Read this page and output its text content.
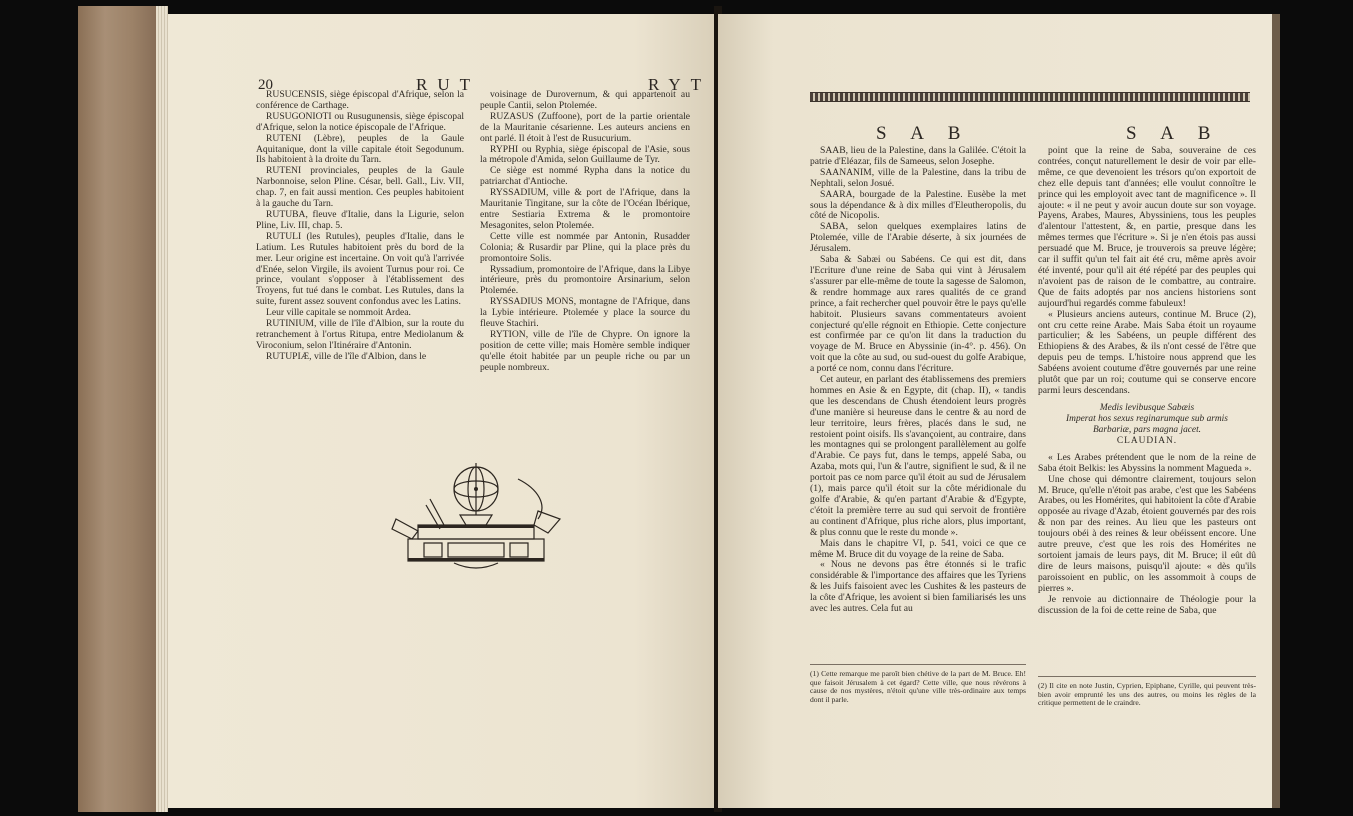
20	RUT	RYT

RUSUCENSIS, siège épiscopal d'Afrique, selon la conférence de Carthage.

RUSUGONIOTI ou Rusugunensis, siège épiscopal d'Afrique, selon la notice épiscopale de l'Afrique.

RUTENI (Lèbre), peuples de la Gaule Aquitanique, dont la ville capitale étoit Segodunum. Ils habitoient à la droite du Tarn.

RUTENI provinciales, peuples de la Gaule Narbonnoise, selon Pline. César, bell. Gall., Liv. VII, chap. 7, en fait aussi mention. Ces peuples habitoient à la gauche du Tarn.

RUTUBA, fleuve d'Italie, dans la Ligurie, selon Pline, Liv. III, chap. 5.

RUTULI (les Rutules), peuples d'Italie, dans le Latium. Les Rutules habitoient près du bord de la mer. Leur origine est incertaine. On voit qu'à l'arrivée d'Enée, selon Virgile, ils avoient Turnus pour roi. Ce prince, voulant s'opposer à l'établissement des Troyens, fut tué dans le combat. Les Rutules, dans la suite, furent assez souvent confondus avec les Latins.

Leur ville capitale se nommoit Ardea.

RUTINIUM, ville de l'île d'Albion, sur la route du retranchement à l'ortus Ritupa, entre Mediolanum & Viroconium, selon l'Itinéraire d'Antonin.

RUTUPIÆ, ville de l'île d'Albion, dans le

voisinage de Durovernum, & qui appartenoit au peuple Cantii, selon Ptolemée.

RUZASUS (Zuffoone), port de la partie orientale de la Mauritanie césarienne. Les auteurs anciens en ont parlé. Il étoit à l'est de Rusucurium.

RYPHI ou Ryphia, siège épiscopal de l'Asie, sous la métropole d'Amida, selon Guillaume de Tyr.

Ce siège est nommé Rypha dans la notice du patriarchat d'Antioche.

RYSSADIUM, ville & port de l'Afrique, dans la Mauritanie Tingitane, sur la côte de l'Océan Ibérique, entre Sestiaria Extrema & le promontoire Mesagonites, selon Ptolemée.

Cette ville est nommée par Antonin, Rusadder Colonia; & Rusardir par Pline, qui la place près du promontoire Solis.

Ryssadium, promontoire de l'Afrique, dans la Libye intérieure, près du promontoire Arsinarium, selon Ptolemée.

RYSSADIUS MONS, montagne de l'Afrique, dans la Lybie intérieure. Ptolemée y place la source du fleuve Stachiri.

RYTION, ville de l'île de Chypre. On ignore la position de cette ville; mais Homère semble indiquer qu'elle étoit habitée par un peuple riche ou par un peuple nombreux.

S A B	S A B

SAAB, lieu de la Palestine, dans la Galilée. C'étoit la patrie d'Eléazar, fils de Sameeus, selon Josephe.

SAANANIM, ville de la Palestine, dans la tribu de Nephtali, selon Josué.

SAARA, bourgade de la Palestine. Eusèbe la met sous la dépendance & à dix milles d'Eleutheropolis, du côté de Nicopolis.

SABA, selon quelques exemplaires latins de Ptolemée, ville de l'Arabie déserte, à six journées de Jérusalem.

Saba & Sabæi ou Sabéens. Ce qui est dit, dans l'Ecriture d'une reine de Saba qui vint à Jérusalem s'assurer par elle-même de toute la sagesse de Salomon, & rendre hommage aux rares qualités de ce grand prince, a fait rechercher quel pouvoir être le pays qu'elle habitoit. Plusieurs savans commentateurs avoient conjecturé qu'elle régnoit en Ethiopie. Cette conjecture est confirmée par ce qu'on lit dans la traduction du voyage de M. Bruce en Abyssinie (in-4°. p. 456). On voit que la côte au sud, ou sud-ouest du golfe Arabique, a porté ce nom, connu dans l'écriture.

Cet auteur, en parlant des établissemens des premiers hommes en Asie & en Egypte, dit (chap. II), « tandis que les descendans de Chush étendoient leurs progrès d'une manière si heureuse dans le centre & au nord de leur territoire, leurs frères, placés dans le sud, ne restoient point oisifs. Ils s'avançoient, au contraire, dans les montagnes qui se prolongent parallèlement au golfe d'Arabie. Ce pays fut, dans le temps, appelé Saba, ou Azaba, mots qui, l'un & l'autre, signifient le sud, & il ne portoit pas ce nom parce qu'il étoit au sud de Jérusalem (1), mais parce qu'il étoit sur la côte méridionale du golfe d'Arabie, & qu'en partant d'Arabie & d'Egypte, c'étoit la première terre au sud qui servoit de frontière au continent d'Afrique, plus riche alors, plus important, & plus connu que le reste du monde ».

Mais dans le chapitre VI, p. 541, voici ce que ce même M. Bruce dit du voyage de la reine de Saba.

« Nous ne devons pas être étonnés si le trafic considérable & l'importance des affaires que les Tyriens & les Juifs faisoient avec les Cushites & les pasteurs de la côte d'Afrique, les avoient si bien familiarisés les uns avec les autres. Cela fut au

(1) Cette remarque me paroît bien chétive de la part de M. Bruce. Eh! que faisoit Jérusalem à cet égard? Cette ville, que nous révérons à cause de nos mystères, n'étoit qu'une ville très-ordinaire aux temps dont il parle.

point que la reine de Saba, souveraine de ces contrées, conçut naturellement le desir de voir par elle-même, ce que devenoient les trésors qu'on exportoit de chez elle depuis tant d'années; elle voulut connoître le prince qui les employoit avec tant de magnificence ». Il ajoute: « il ne peut y avoir aucun doute sur son voyage. Payens, Arabes, Maures, Abyssiniens, tous les peuples d'alentour l'attestent, &, en partie, presque dans les mêmes termes que l'écriture ». Si je n'en étois pas aussi persuadé que M. Bruce, je trouverois sa preuve légère; car il suffit qu'un tel fait ait été cru, même après avoir été inventé, pour qu'il ait été répété par des peuples qui n'avoient pas de raison de le combattre, au contraire. Que de faits adoptés par nos anciens historiens sont aujourd'hui regardés comme fabuleux!

« Plusieurs anciens auteurs, continue M. Bruce (2), ont cru cette reine Arabe. Mais Saba étoit un royaume particulier; & les Sabéens, un peuple différent des Ethiopiens & des Arabes, & ils n'ont cessé de l'être que depuis peu de temps. L'histoire nous apprend que les Sabéens avoient coutume d'être gouvernés par une reine plutôt que par un roi; coutume qui se conserve encore parmi leurs descendans.

Medis levibusque Sabæis
Imperat hos sexus reginarumque sub armis
Barbariæ, pars magna jacet.
CLAUDIAN.

« Les Arabes prétendent que le nom de la reine de Saba étoit Belkis: les Abyssins la nomment Magueda ».

Une chose qui démontre clairement, toujours selon M. Bruce, qu'elle n'étoit pas arabe, c'est que les Sabéens Arabes, ou les Homérites, qui habitoient la côte d'Arabie opposée au rivage d'Azab, étoient gouvernés par des rois & non par des reines. Au lieu que les pasteurs ont toujours obéi à des reines & leur obéissent encore. Une autre preuve, c'est que les rois des Homérites ne sortoient jamais de leurs pays, dit M. Bruce; il eût dû dire de leurs maisons, puisqu'il ajoute: « dès qu'ils paroissoient en public, on les assommoit à coups de pierres ».

Je renvoie au dictionnaire de Théologie pour la discussion de la foi de cette reine de Saba, que

(2) Il cite en note Justin, Cyprien, Epiphane, Cyrille, qui peuvent très-bien avoir emprunté les uns des autres, ou moins les règles de la critique permettent de le craindre.
